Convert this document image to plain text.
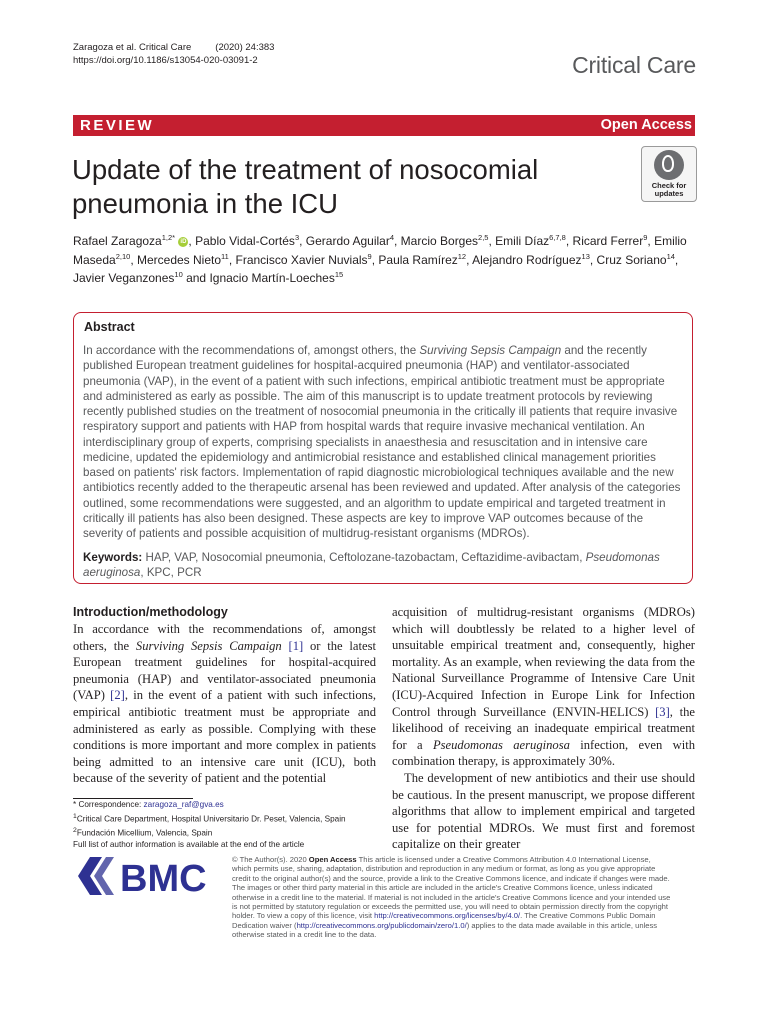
Zaragoza et al. Critical Care	(2020) 24:383
https://doi.org/10.1186/s13054-020-03091-2	Critical Care
REVIEW	Open Access
Update of the treatment of nosocomial pneumonia in the ICU
Check for
updates
Rafael Zaragoza$^{1,2*}$ iD , Pablo Vidal-Cortés$^3$, Gerardo Aguilar$^4$, Marcio Borges$^{2,5}$, Emili Díaz$^{6,7,8}$, Ricard Ferrer$^9$, Emilio Maseda$^{2,10}$, Mercedes Nieto$^{11}$, Francisco Xavier Nuvials$^9$, Paula Ramírez$^{12}$, Alejandro Rodríguez$^{13}$, Cruz Soriano$^{14}$, Javier Veganzones$^{10}$ and Ignacio Martín-Loeches$^{15}$
Abstract
In accordance with the recommendations of, amongst others, the Surviving Sepsis Campaign and the recently published European treatment guidelines for hospital-acquired pneumonia (HAP) and ventilator-associated pneumonia (VAP), in the event of a patient with such infections, empirical antibiotic treatment must be appropriate and administered as early as possible. The aim of this manuscript is to update treatment protocols by reviewing recently published studies on the treatment of nosocomial pneumonia in the critically ill patients that require invasive respiratory support and patients with HAP from hospital wards that require invasive mechanical ventilation. An interdisciplinary group of experts, comprising specialists in anaesthesia and resuscitation and in intensive care medicine, updated the epidemiology and antimicrobial resistance and established clinical management priorities based on patients' risk factors. Implementation of rapid diagnostic microbiological techniques available and the new antibiotics recently added to the therapeutic arsenal has been reviewed and updated. After analysis of the categories outlined, some recommendations were suggested, and an algorithm to update empirical and targeted treatment in critically ill patients has also been designed. These aspects are key to improve VAP outcomes because of the severity of patients and possible acquisition of multidrug-resistant organisms (MDROs).
Keywords: HAP, VAP, Nosocomial pneumonia, Ceftolozane-tazobactam, Ceftazidime-avibactam, Pseudomonas aeruginosa, KPC, PCR
Introduction/methodology
In accordance with the recommendations of, amongst others, the Surviving Sepsis Campaign [1] or the latest European treatment guidelines for hospital-acquired pneumonia (HAP) and ventilator-associated pneumonia (VAP) [2], in the event of a patient with such infections, empirical antibiotic treatment must be appropriate and administered as early as possible. Complying with these conditions is more important and more complex in patients being admitted to an intensive care unit (ICU), both because of the severity of patient and the potential
acquisition of multidrug-resistant organisms (MDROs) which will doubtlessly be related to a higher level of unsuitable empirical treatment and, consequently, higher mortality. As an example, when reviewing the data from the National Surveillance Programme of Intensive Care Unit (ICU)-Acquired Infection in Europe Link for Infection Control through Surveillance (ENVIN-HELICS) [3], the likelihood of receiving an inadequate empirical treatment for a Pseudomonas aeruginosa infection, even with combination therapy, is approximately 30%.
The development of new antibiotics and their use should be cautious. In the present manuscript, we propose different algorithms that allow to implement empirical and targeted use for potential MDROs. We must first and foremost capitalize on their greater
* Correspondence: zaragoza_raf@gva.es
$^1$Critical Care Department, Hospital Universitario Dr. Peset, Valencia, Spain
$^2$Fundación Micellium, Valencia, Spain
Full list of author information is available at the end of the article
BMC	© The Author(s). 2020 Open Access This article is licensed under a Creative Commons Attribution 4.0 International License, which permits use, sharing, adaptation, distribution and reproduction in any medium or format, as long as you give appropriate credit to the original author(s) and the source, provide a link to the Creative Commons licence, and indicate if changes were made. The images or other third party material in this article are included in the article's Creative Commons licence, unless indicated otherwise in a credit line to the material. If material is not included in the article's Creative Commons licence and your intended use is not permitted by statutory regulation or exceeds the permitted use, you will need to obtain permission directly from the copyright holder. To view a copy of this licence, visit http://creativecommons.org/licenses/by/4.0/. The Creative Commons Public Domain Dedication waiver (http://creativecommons.org/publicdomain/zero/1.0/) applies to the data made available in this article, unless otherwise stated in a credit line to the data.
